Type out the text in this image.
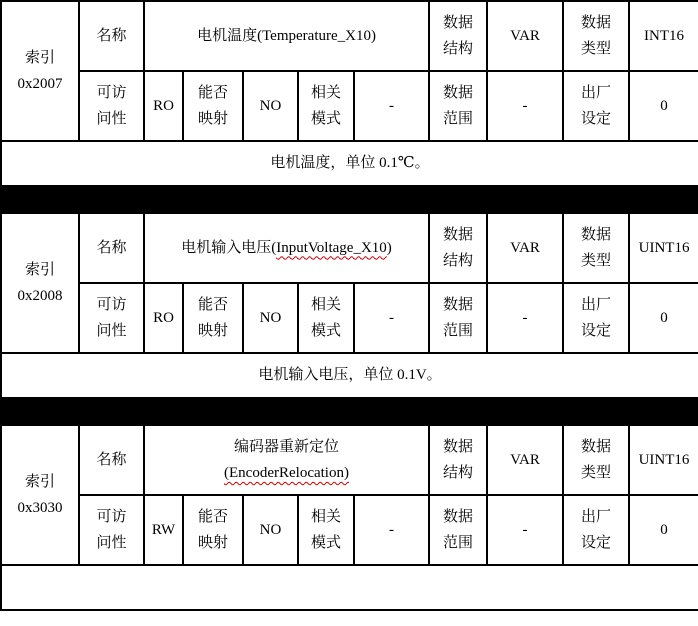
索引
0x2007
	名称	电机温度(Temperature_X10)	
数据
结构
	VAR	
数据
类型
	INT16

可访
问性
	RO	
能否
映射
	NO	
相关
模式
	-	
数据
范围
	-	
出厂
设定
	0
电机温度，单位 0.1℃。										
索引
0x2008
	名称	电机输入电压(InputVoltage_X10)	
数据
结构
	VAR	
数据
类型
	UINT16

可访
问性
	RO	
能否
映射
	NO	
相关
模式
	-	
数据
范围
	-	
出厂
设定
	0
电机输入电压，单位 0.1V。										
索引
0x3030
	名称	
编码器重新定位
(EncoderRelocation)

数据
结构
	VAR	
数据
类型
	UINT16

可访
问性
	RW	
能否
映射
	NO	
相关
模式
	-	
数据
范围
	-	
出厂
设定
	0
